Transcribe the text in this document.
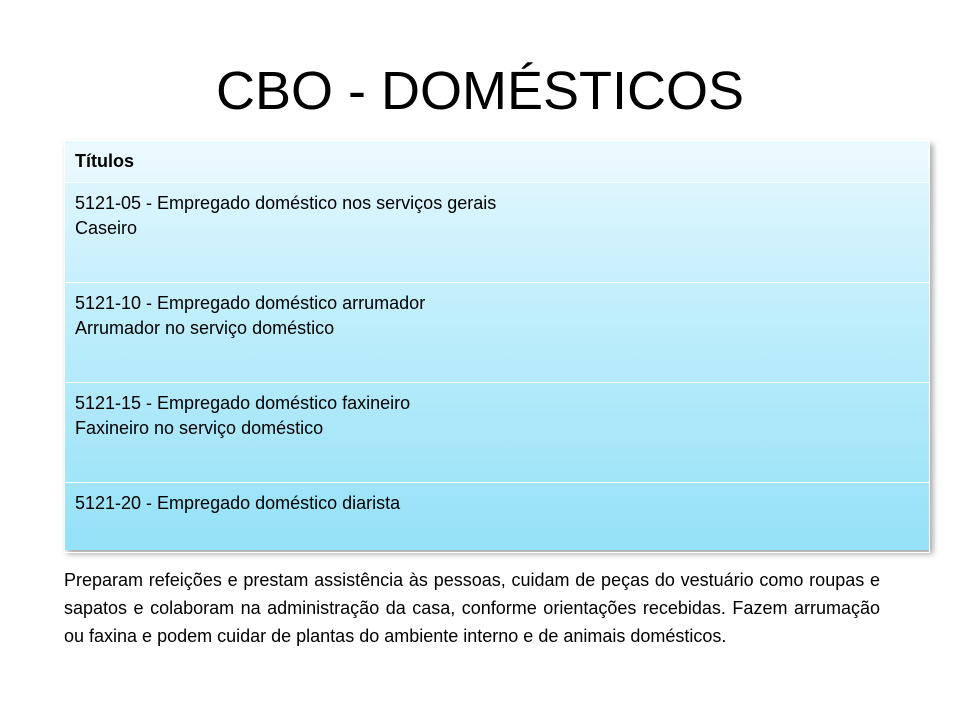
CBO - DOMÉSTICOS
Títulos

5121-05 - Empregado doméstico nos serviços gerais
Caseiro

5121-10 - Empregado doméstico arrumador
Arrumador no serviço doméstico

5121-15 - Empregado doméstico faxineiro
Faxineiro no serviço doméstico

5121-20 - Empregado doméstico diarista
Preparam refeições e prestam assistência às pessoas, cuidam de peças do vestuário como roupas e sapatos e colaboram na administração da casa, conforme orientações recebidas. Fazem arrumação ou faxina e podem cuidar de plantas do ambiente interno e de animais domésticos.
